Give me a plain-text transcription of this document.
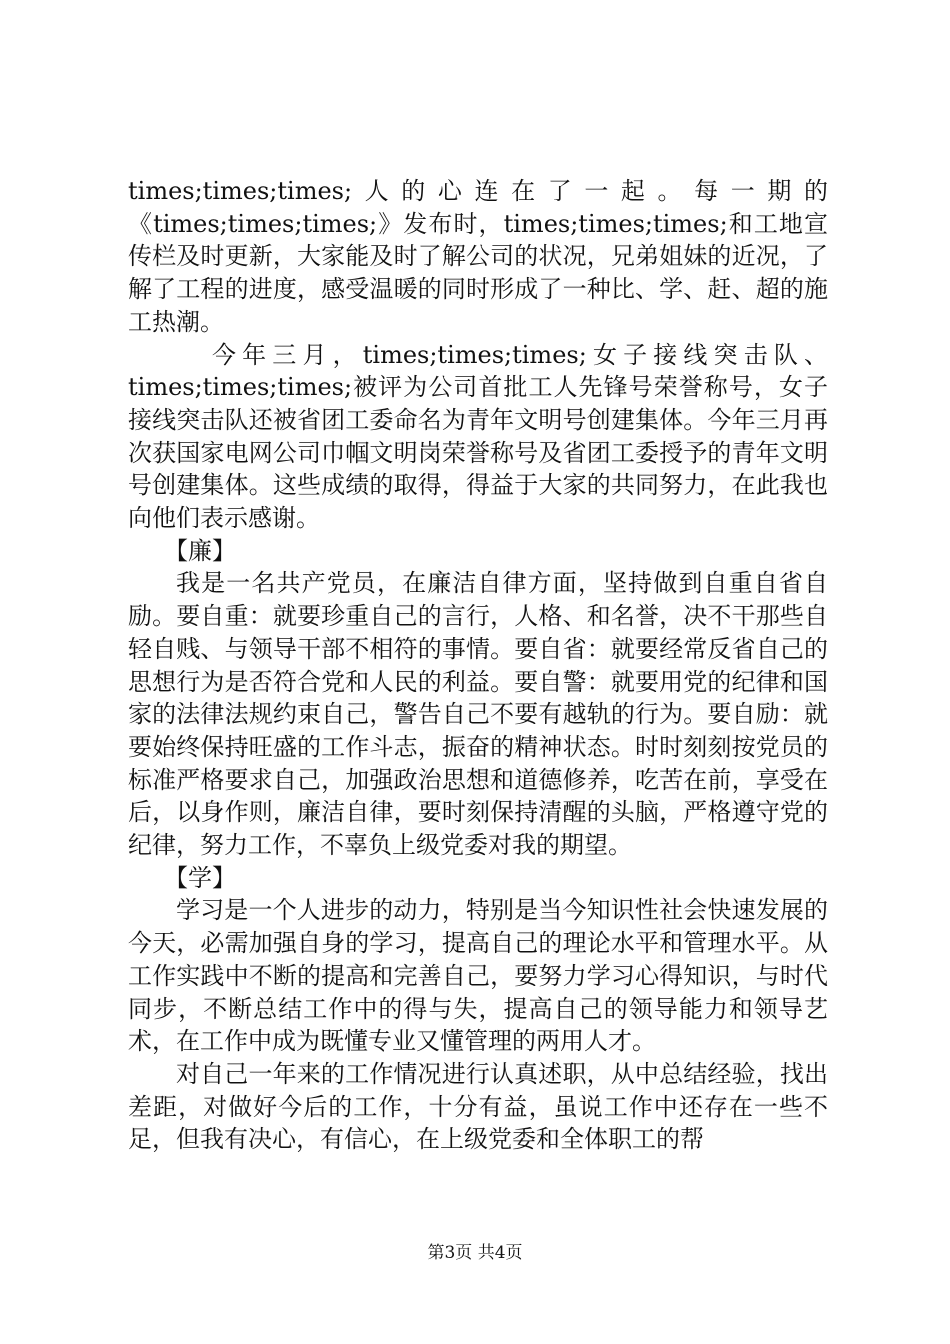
times;times;times;人的心连在了一起。每一期的《times;times;times;》发布时，times;times;times;和工地宣传栏及时更新，大家能及时了解公司的状况，兄弟姐妹的近况，了解了工程的进度，感受温暖的同时形成了一种比、学、赶、超的施工热潮。

今年三月，times;times;times;女子接线突击队、times;times;times;被评为公司首批工人先锋号荣誉称号，女子接线突击队还被省团工委命名为青年文明号创建集体。今年三月再次获国家电网公司巾帼文明岗荣誉称号及省团工委授予的青年文明号创建集体。这些成绩的取得，得益于大家的共同努力，在此我也向他们表示感谢。

【廉】

我是一名共产党员，在廉洁自律方面，坚持做到自重自省自励。要自重：就要珍重自己的言行，人格、和名誉，决不干那些自轻自贱、与领导干部不相符的事情。要自省：就要经常反省自己的思想行为是否符合党和人民的利益。要自警：就要用党的纪律和国家的法律法规约束自己，警告自己不要有越轨的行为。要自励：就要始终保持旺盛的工作斗志，振奋的精神状态。时时刻刻按党员的标准严格要求自己，加强政治思想和道德修养，吃苦在前，享受在后，以身作则，廉洁自律，要时刻保持清醒的头脑，严格遵守党的纪律，努力工作，不辜负上级党委对我的期望。

【学】

学习是一个人进步的动力，特别是当今知识性社会快速发展的今天，必需加强自身的学习，提高自己的理论水平和管理水平。从工作实践中不断的提高和完善自己，要努力学习心得知识，与时代同步，不断总结工作中的得与失，提高自己的领导能力和领导艺术，在工作中成为既懂专业又懂管理的两用人才。

对自己一年来的工作情况进行认真述职，从中总结经验，找出差距，对做好今后的工作，十分有益，虽说工作中还存在一些不足，但我有决心，有信心，在上级党委和全体职工的帮

第3页 共4页
